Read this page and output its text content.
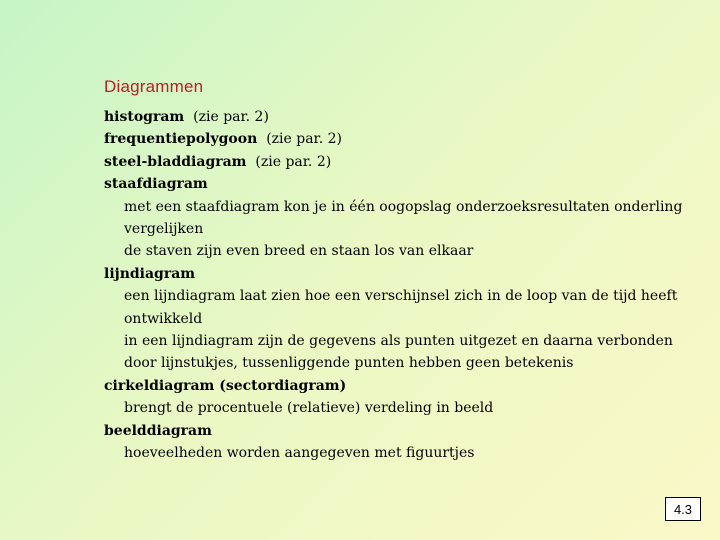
Diagrammen
histogram (zie par. 2)
frequentiepolygoon (zie par. 2)
steel-bladdiagram (zie par. 2)
staafdiagram
met een staafdiagram kon je in één oogopslag onderzoeksresultaten onderling
vergelijken
de staven zijn even breed en staan los van elkaar
lijndiagram
een lijndiagram laat zien hoe een verschijnsel zich in de loop van de tijd heeft
ontwikkeld
in een lijndiagram zijn de gegevens als punten uitgezet en daarna verbonden
door lijnstukjes, tussenliggende punten hebben geen betekenis
cirkeldiagram (sectordiagram)
brengt de procentuele (relatieve) verdeling in beeld
beelddiagram
hoeveelheden worden aangegeven met figuurtjes
4.3
